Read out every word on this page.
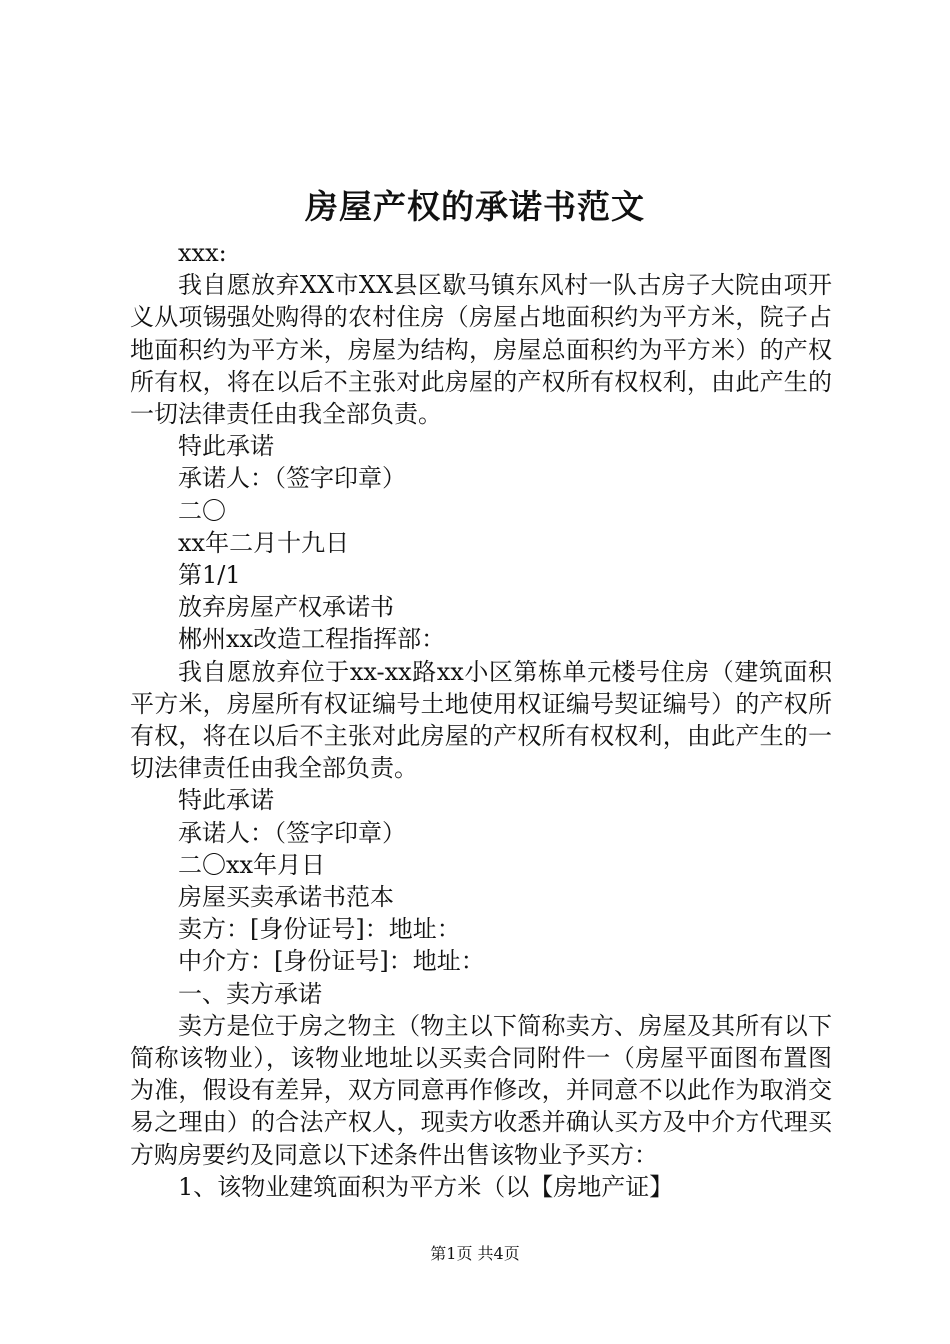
房屋产权的承诺书范文

xxx:

我自愿放弃XX市XX县区歇马镇东风村一队古房子大院由项开义从项锡强处购得的农村住房（房屋占地面积约为平方米，院子占地面积约为平方米，房屋为结构，房屋总面积约为平方米）的产权所有权，将在以后不主张对此房屋的产权所有权权利，由此产生的一切法律责任由我全部负责。

特此承诺

承诺人：（签字印章）

二〇

xx年二月十九日

第1/1

放弃房屋产权承诺书

郴州xx改造工程指挥部：

我自愿放弃位于xx-xx路xx小区第栋单元楼号住房（建筑面积平方米，房屋所有权证编号土地使用权证编号契证编号）的产权所有权，将在以后不主张对此房屋的产权所有权权利，由此产生的一切法律责任由我全部负责。

特此承诺

承诺人：（签字印章）

二〇xx年月日

房屋买卖承诺书范本

卖方：[身份证号]：地址：

中介方：[身份证号]：地址：

一、卖方承诺

卖方是位于房之物主（物主以下简称卖方、房屋及其所有以下简称该物业），该物业地址以买卖合同附件一（房屋平面图布置图为准，假设有差异，双方同意再作修改，并同意不以此作为取消交易之理由）的合法产权人，现卖方收悉并确认买方及中介方代理买方购房要约及同意以下述条件出售该物业予买方：

1、该物业建筑面积为平方米（以【房地产证】

第1页 共4页
